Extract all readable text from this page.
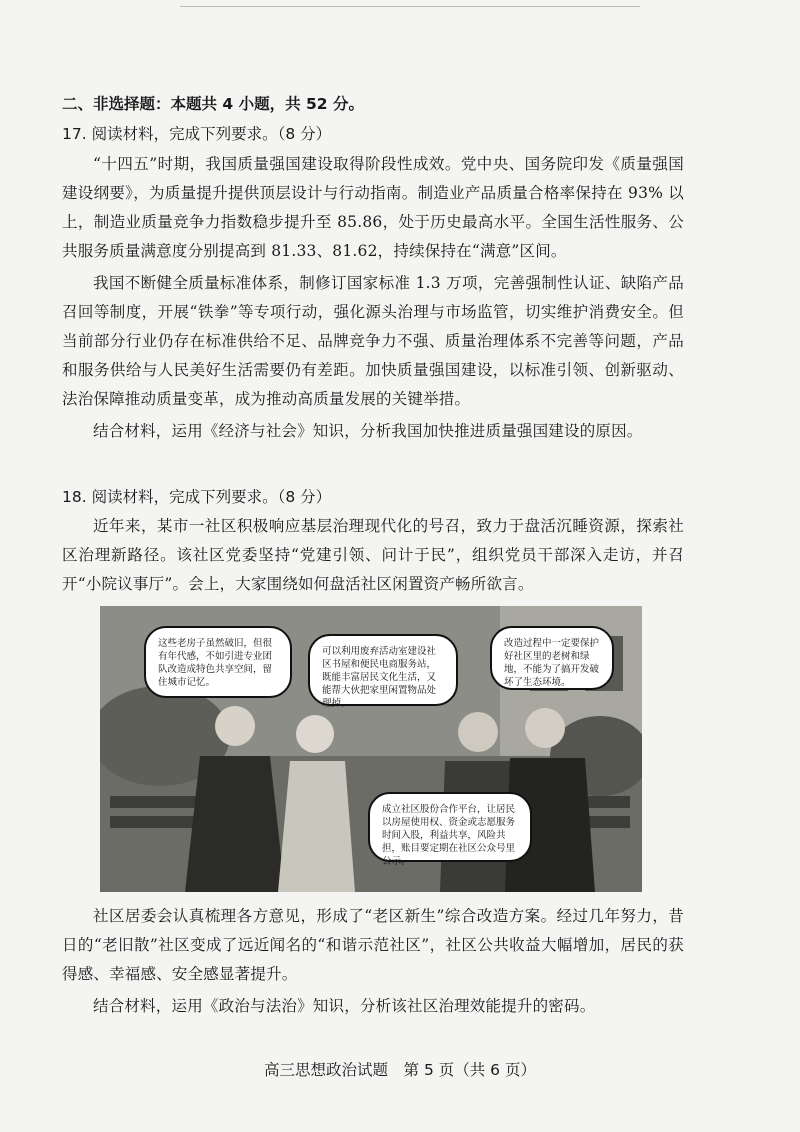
二、非选择题：本题共 4 小题，共 52 分。
17. 阅读材料，完成下列要求。（8 分）

“十四五”时期，我国质量强国建设取得阶段性成效。党中央、国务院印发《质量强国建设纲要》，为质量提升提供顶层设计与行动指南。制造业产品质量合格率保持在 93% 以上，制造业质量竞争力指数稳步提升至 85.86，处于历史最高水平。全国生活性服务、公共服务质量满意度分别提高到 81.33、81.62，持续保持在“满意”区间。

我国不断健全质量标准体系，制修订国家标准 1.3 万项，完善强制性认证、缺陷产品召回等制度，开展“铁拳”等专项行动，强化源头治理与市场监管，切实维护消费安全。但当前部分行业仍存在标准供给不足、品牌竞争力不强、质量治理体系不完善等问题，产品和服务供给与人民美好生活需要仍有差距。加快质量强国建设，以标准引领、创新驱动、法治保障推动质量变革，成为推动高质量发展的关键举措。

结合材料，运用《经济与社会》知识，分析我国加快推进质量强国建设的原因。

18. 阅读材料，完成下列要求。（8 分）

近年来，某市一社区积极响应基层治理现代化的号召，致力于盘活沉睡资源，探索社区治理新路径。该社区党委坚持“党建引领、问计于民”，组织党员干部深入走访，并召开“小院议事厅”。会上，大家围绕如何盘活社区闲置资产畅所欲言。

这些老房子虽然破旧，但很有年代感，不如引进专业团队改造成特色共享空间，留住城市记忆。
可以利用废弃活动室建设社区书屋和便民电商服务站，既能丰富居民文化生活，又能帮大伙把家里闲置物品处理掉。
改造过程中一定要保护好社区里的老树和绿地，不能为了搞开发破坏了生态环境。
成立社区股份合作平台，让居民以房屋使用权、资金或志愿服务时间入股，利益共享，风险共担，账目要定期在社区公众号里公示。

社区居委会认真梳理各方意见，形成了“老区新生”综合改造方案。经过几年努力，昔日的“老旧散”社区变成了远近闻名的“和谐示范社区”，社区公共收益大幅增加，居民的获得感、幸福感、安全感显著提升。

结合材料，运用《政治与法治》知识，分析该社区治理效能提升的密码。

高三思想政治试题　第 5 页（共 6 页）
